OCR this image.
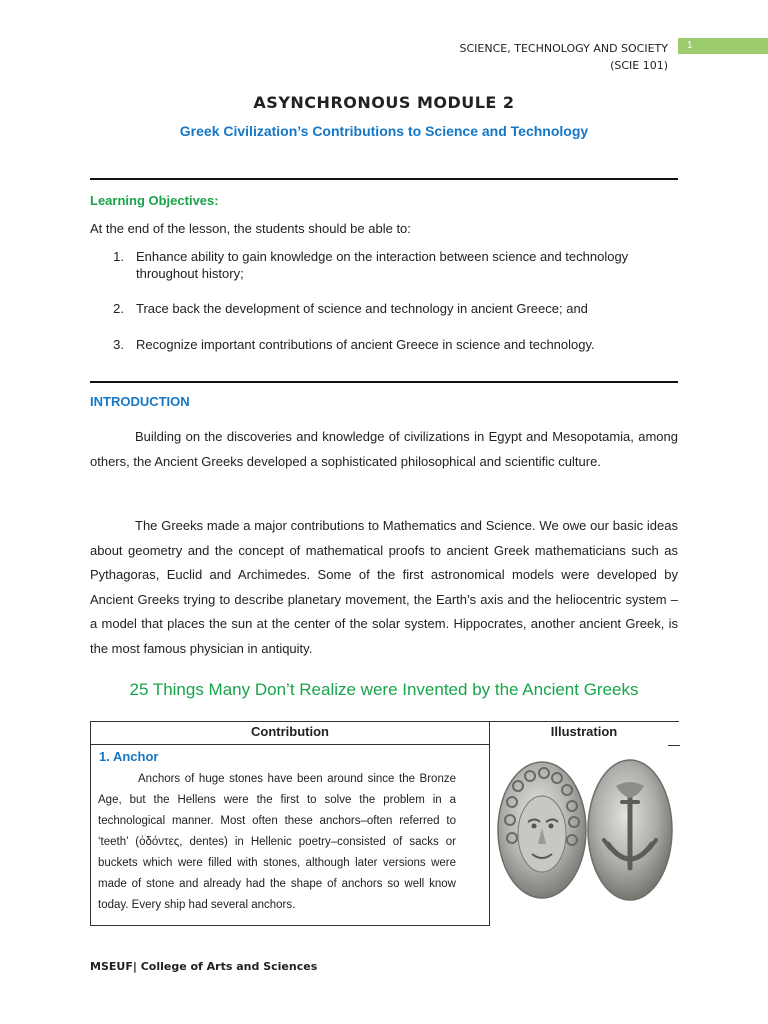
SCIENCE, TECHNOLOGY AND SOCIETY
(SCIE 101)
1
ASYNCHRONOUS MODULE 2
Greek Civilization’s Contributions to Science and Technology
Learning Objectives:
At the end of the lesson, the students should be able to:
1. Enhance ability to gain knowledge on the interaction between science and technology
throughout history;
2. Trace back the development of science and technology in ancient Greece; and
3. Recognize important contributions of ancient Greece in science and technology.
INTRODUCTION
Building on the discoveries and knowledge of civilizations in Egypt and Mesopotamia, among others, the Ancient Greeks developed a sophisticated philosophical and scientific culture.
The Greeks made a major contributions to Mathematics and Science. We owe our basic ideas about geometry and the concept of mathematical proofs to ancient Greek mathematicians such as Pythagoras, Euclid and Archimedes. Some of the first astronomical models were developed by Ancient Greeks trying to describe planetary movement, the Earth’s axis and the heliocentric system – a model that places the sun at the center of the solar system. Hippocrates, another ancient Greek, is the most famous physician in antiquity.
25 Things Many Don’t Realize were Invented by the Ancient Greeks
Contribution	Illustration
1. Anchor
Anchors of huge stones have been around since the Bronze Age, but the Hellens were the first to solve the problem in a technological manner. Most often these anchors–often referred to ‘teeth’ (ὀδόντες, dentes) in Hellenic poetry–consisted of sacks or buckets which were filled with stones, although later versions were made of stone and already had the shape of anchors so well know today. Every ship had several anchors.
MSEUF| College of Arts and Sciences
